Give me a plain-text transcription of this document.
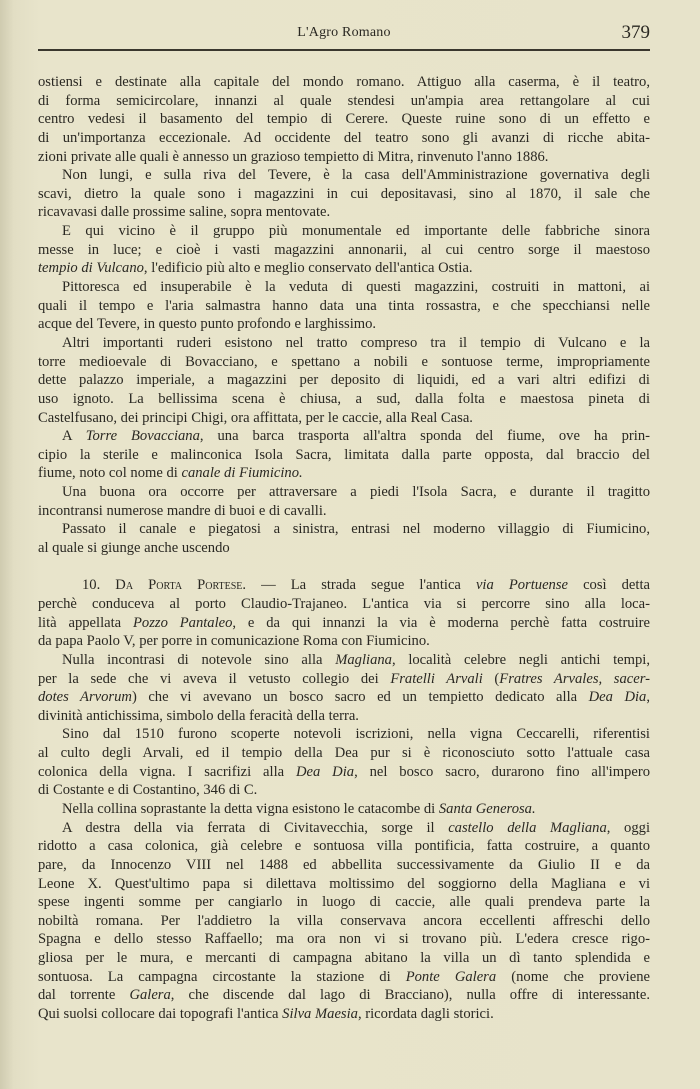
L'Agro Romano	379
ostiensi e destinate alla capitale del mondo romano. Attiguo alla caserma, è il teatro,
di forma semicircolare, innanzi al quale stendesi un'ampia area rettangolare al cui
centro vedesi il basamento del tempio di Cerere. Queste ruine sono di un effetto e
di un'importanza eccezionale. Ad occidente del teatro sono gli avanzi di ricche abita-
zioni private alle quali è annesso un grazioso tempietto di Mitra, rinvenuto l'anno 1886.
Non lungi, e sulla riva del Tevere, è la casa dell'Amministrazione governativa degli
scavi, dietro la quale sono i magazzini in cui depositavasi, sino al 1870, il sale che
ricavavasi dalle prossime saline, sopra mentovate.
E qui vicino è il gruppo più monumentale ed importante delle fabbriche sinora
messe in luce; e cioè i vasti magazzini annonarii, al cui centro sorge il maestoso
tempio di Vulcano, l'edificio più alto e meglio conservato dell'antica Ostia.
Pittoresca ed insuperabile è la veduta di questi magazzini, costruiti in mattoni, ai
quali il tempo e l'aria salmastra hanno data una tinta rossastra, e che specchiansi nelle
acque del Tevere, in questo punto profondo e larghissimo.
Altri importanti ruderi esistono nel tratto compreso tra il tempio di Vulcano e la
torre medioevale di Bovacciano, e spettano a nobili e sontuose terme, impropriamente
dette palazzo imperiale, a magazzini per deposito di liquidi, ed a vari altri edifizi di
uso ignoto. La bellissima scena è chiusa, a sud, dalla folta e maestosa pineta di
Castelfusano, dei principi Chigi, ora affittata, per le caccie, alla Real Casa.
A Torre Bovacciana, una barca trasporta all'altra sponda del fiume, ove ha prin-
cipio la sterile e malinconica Isola Sacra, limitata dalla parte opposta, dal braccio del
fiume, noto col nome di canale di Fiumicino.
Una buona ora occorre per attraversare a piedi l'Isola Sacra, e durante il tragitto
incontransi numerose mandre di buoi e di cavalli.
Passato il canale e piegatosi a sinistra, entrasi nel moderno villaggio di Fiumicino,
al quale si giunge anche uscendo
10. Da Porta Portese. — La strada segue l'antica via Portuense così detta
perchè conduceva al porto Claudio-Trajaneo. L'antica via si percorre sino alla loca-
lità appellata Pozzo Pantaleo, e da qui innanzi la via è moderna perchè fatta costruire
da papa Paolo V, per porre in comunicazione Roma con Fiumicino.
Nulla incontrasi di notevole sino alla Magliana, località celebre negli antichi tempi,
per la sede che vi aveva il vetusto collegio dei Fratelli Arvali (Fratres Arvales, sacer-
dotes Arvorum) che vi avevano un bosco sacro ed un tempietto dedicato alla Dea Dia,
divinità antichissima, simbolo della feracità della terra.
Sino dal 1510 furono scoperte notevoli iscrizioni, nella vigna Ceccarelli, riferentisi
al culto degli Arvali, ed il tempio della Dea pur si è riconosciuto sotto l'attuale casa
colonica della vigna. I sacrifizi alla Dea Dia, nel bosco sacro, durarono fino all'impero
di Costante e di Costantino, 346 di C.
Nella collina soprastante la detta vigna esistono le catacombe di Santa Generosa.
A destra della via ferrata di Civitavecchia, sorge il castello della Magliana, oggi
ridotto a casa colonica, già celebre e sontuosa villa pontificia, fatta costruire, a quanto
pare, da Innocenzo VIII nel 1488 ed abbellita successivamente da Giulio II e da
Leone X. Quest'ultimo papa si dilettava moltissimo del soggiorno della Magliana e vi
spese ingenti somme per cangiarlo in luogo di caccie, alle quali prendeva parte la
nobiltà romana. Per l'addietro la villa conservava ancora eccellenti affreschi dello
Spagna e dello stesso Raffaello; ma ora non vi si trovano più. L'edera cresce rigo-
gliosa per le mura, e mercanti di campagna abitano la villa un dì tanto splendida e
sontuosa. La campagna circostante la stazione di Ponte Galera (nome che proviene
dal torrente Galera, che discende dal lago di Bracciano), nulla offre di interessante.
Qui suolsi collocare dai topografi l'antica Silva Maesia, ricordata dagli storici.
